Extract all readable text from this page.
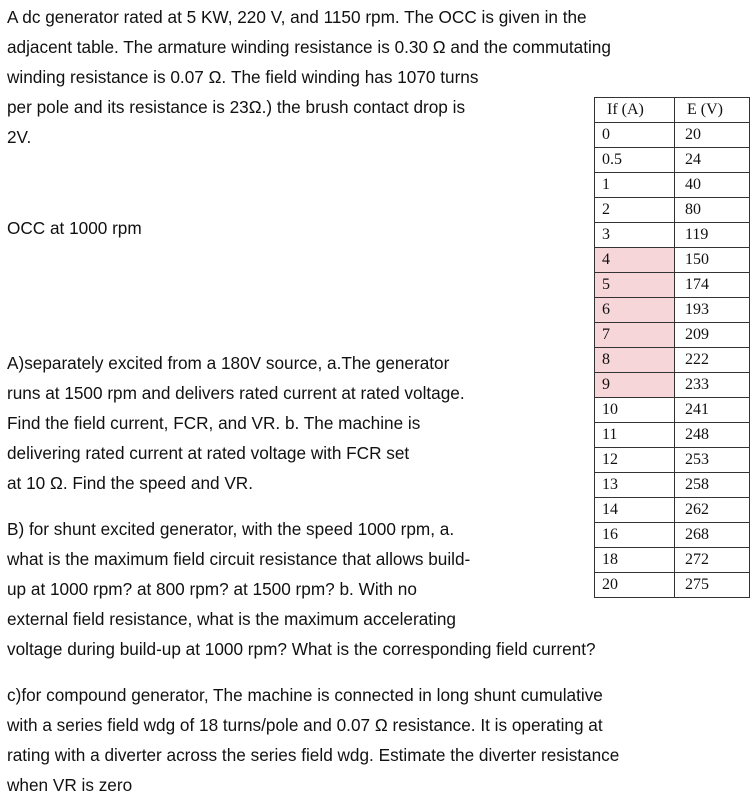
A dc generator rated at 5 KW, 220 V, and 1150 rpm. The OCC is given in the
adjacent table. The armature winding resistance is 0.30 Ω and the commutating
winding resistance is 0.07 Ω. The field winding has 1070 turns
per pole and its resistance is 23Ω.) the brush contact drop is
2V.
OCC at 1000 rpm
A)separately excited from a 180V source, a.The generator
runs at 1500 rpm and delivers rated current at rated voltage.
Find the field current, FCR, and VR. b. The machine is
delivering rated current at rated voltage with FCR set
at 10 Ω. Find the speed and VR.
B) for shunt excited generator, with the speed 1000 rpm, a.
what is the maximum field circuit resistance that allows build-
up at 1000 rpm? at 800 rpm? at 1500 rpm? b. With no
external field resistance, what is the maximum accelerating
voltage during build-up at 1000 rpm? What is the corresponding field current?
c)for compound generator, The machine is connected in long shunt cumulative
with a series field wdg of 18 turns/pole and 0.07 Ω resistance. It is operating at
rating with a diverter across the series field wdg. Estimate the diverter resistance
when VR is zero
If (A)	E (V)
0	20
0.5	24
1	40
2	80
3	119
4	150
5	174
6	193
7	209
8	222
9	233
10	241
11	248
12	253
13	258
14	262
16	268
18	272
20	275
